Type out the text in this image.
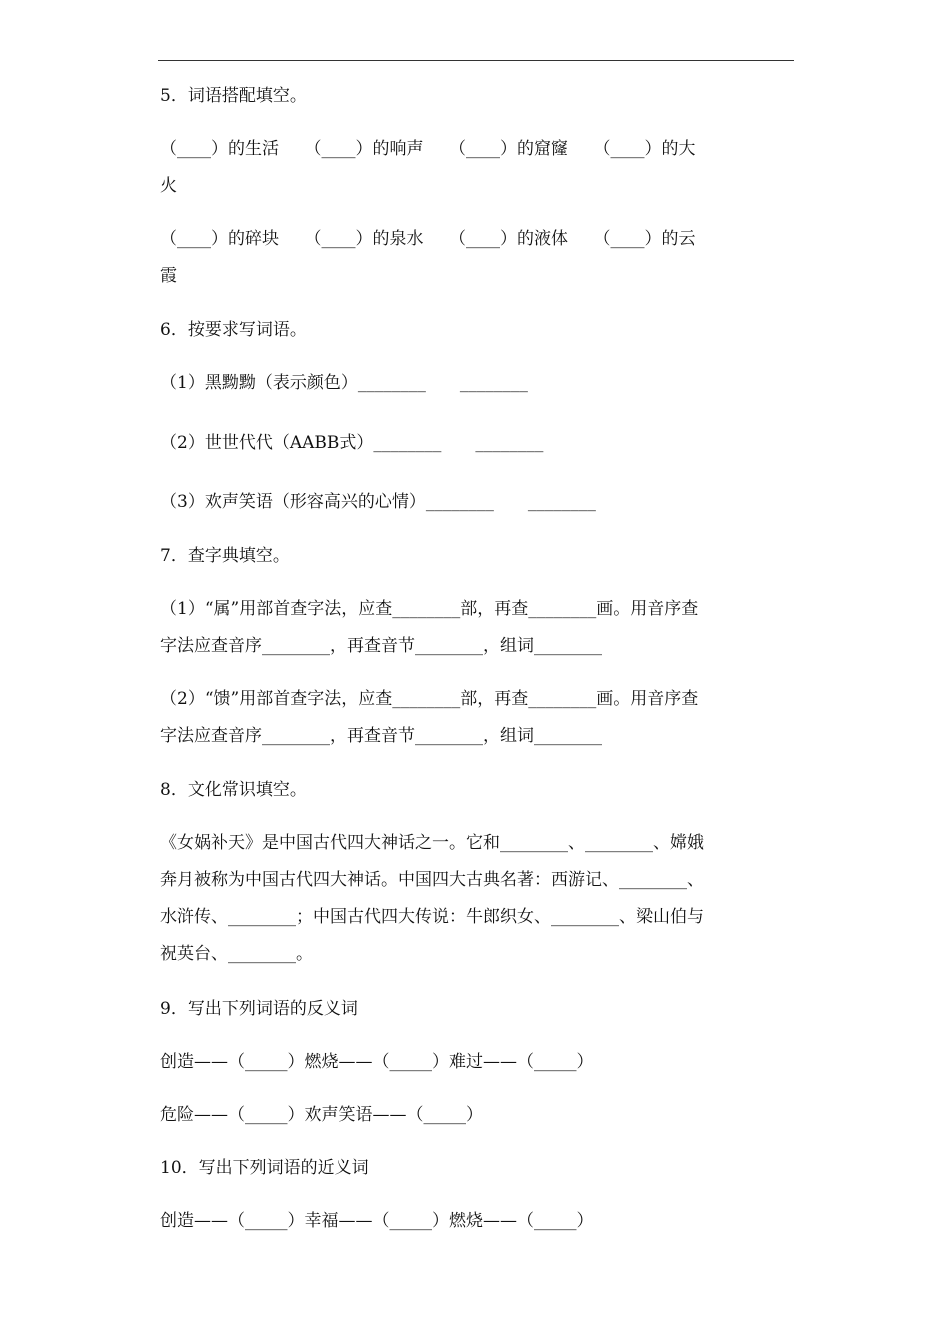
5．词语搭配填空。
（____）的生活　　（____）的响声　　（____）的窟窿　　（____）的大
火
（____）的碎块　　（____）的泉水　　（____）的液体　　（____）的云
霞
6．按要求写词语。
（1）黑黝黝（表示颜色）________　　________
（2）世世代代（AABB式）________　　________
（3）欢声笑语（形容高兴的心情）________　　________
7．查字典填空。
（1）“属”用部首查字法，应查________部，再查________画。用音序查
字法应查音序________，再查音节________，组词________
（2）“馈”用部首查字法，应查________部，再查________画。用音序查
字法应查音序________，再查音节________，组词________
8．文化常识填空。
《女娲补天》是中国古代四大神话之一。它和________、________、嫦娥
奔月被称为中国古代四大神话。中国四大古典名著：西游记、________、
水浒传、________；中国古代四大传说：牛郎织女、________、梁山伯与
祝英台、________。
9．写出下列词语的反义词
创造——（_____）燃烧——（_____）难过——（_____）
危险——（_____）欢声笑语——（_____）
10．写出下列词语的近义词
创造——（_____）幸福——（_____）燃烧——（_____）
